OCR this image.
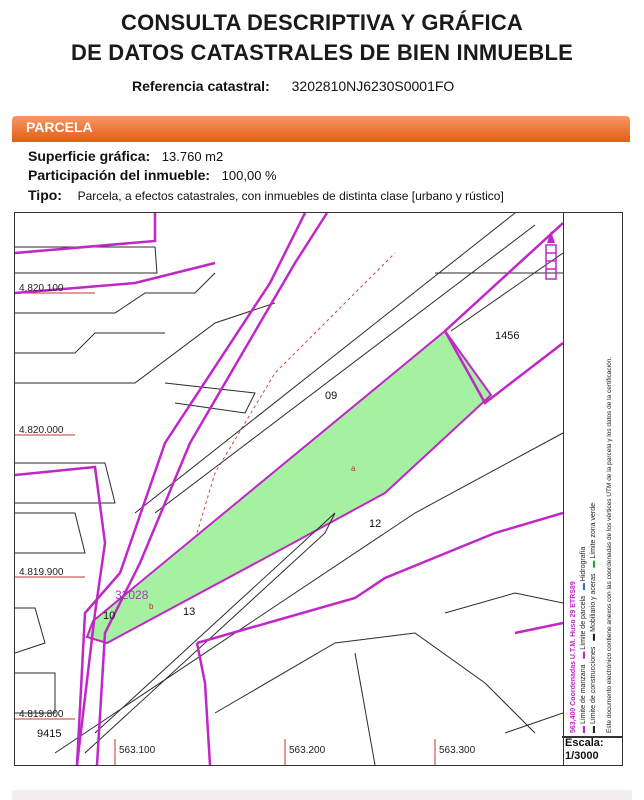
CONSULTA DESCRIPTIVA Y GRÁFICA
DE DATOS CATASTRALES DE BIEN INMUEBLE
Referencia catastral: 3202810NJ6230S0001FO
PARCELA
Superficie gráfica: 13.760 m2
Participación del inmueble: 100,00 %
Tipo: Parcela, a efectos catastrales, con inmuebles de distinta clase [urbano y rústico]
4.820.100
4.820.000
4.819.900
4.819.800
563.100	563.200	563.300
1456
09
12
10	13
9415
32028
a
b	563,400 Coordenadas U.T.M. Huso 29 ETRS89 ▬ Límite de manzana   ▬ Límite de parcela   ▬ Hidrografía
▬ Límite de construcciones   ▬ Mobiliario y aceras   ▬ Límite zona verde Este documento electrónico contiene anexos con las coordenadas de los vértices UTM de la parcela y los datos de la certificación.
Escala:
1/3000
